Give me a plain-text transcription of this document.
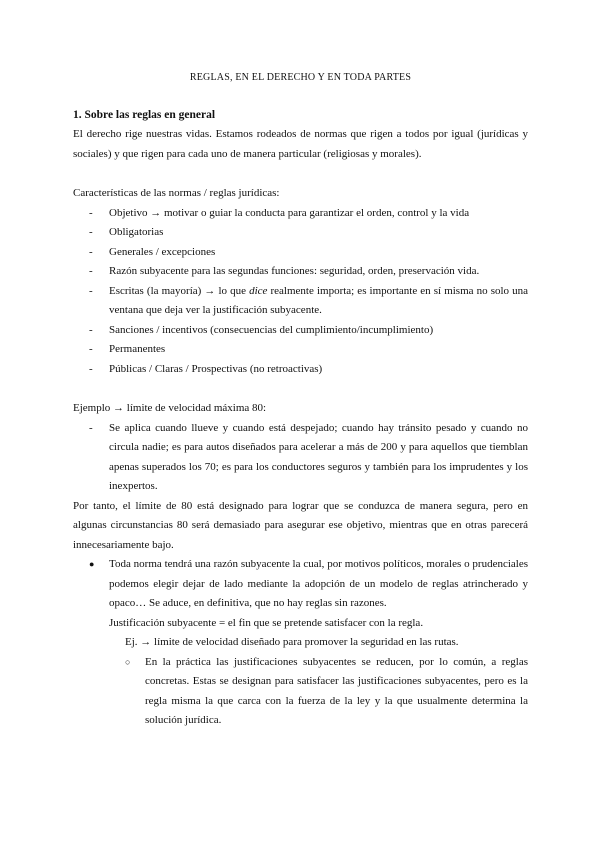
REGLAS, EN EL DERECHO Y EN TODA PARTES
1. Sobre las reglas en general

El derecho rige nuestras vidas. Estamos rodeados de normas que rigen a todos por igual (jurídicas y sociales) y que rigen para cada uno de manera particular (religiosas y morales).

Características de las normas / reglas jurídicas:

- Objetivo → motivar o guiar la conducta para garantizar el orden, control y la vida
- Obligatorias
- Generales / excepciones
- Razón subyacente para las segundas funciones: seguridad, orden, preservación vida.
- Escritas (la mayoría) → lo que dice realmente importa; es importante en sí misma no solo una ventana que deja ver la justificación subyacente.
- Sanciones / incentivos (consecuencias del cumplimiento/incumplimiento)
- Permanentes
- Públicas / Claras / Prospectivas (no retroactivas)

Ejemplo → límite de velocidad máxima 80:

- Se aplica cuando llueve y cuando está despejado; cuando hay tránsito pesado y cuando no circula nadie; es para autos diseñados para acelerar a más de 200 y para aquellos que tiemblan apenas superados los 70; es para los conductores seguros y también para los imprudentes y los inexpertos.

Por tanto, el límite de 80 está designado para lograr que se conduzca de manera segura, pero en algunas circunstancias 80 será demasiado para asegurar ese objetivo, mientras que en otras parecerá innecesariamente bajo.

● Toda norma tendrá una razón subyacente la cual, por motivos políticos, morales o prudenciales podemos elegir dejar de lado mediante la adopción de un modelo de reglas atrincherado y opaco… Se aduce, en definitiva, que no hay reglas sin razones.

Justificación subyacente = el fin que se pretende satisfacer con la regla.

Ej. → límite de velocidad diseñado para promover la seguridad en las rutas.

○ En la práctica las justificaciones subyacentes se reducen, por lo común, a reglas concretas. Estas se designan para satisfacer las justificaciones subyacentes, pero es la regla misma la que carca con la fuerza de la ley y la que usualmente determina la solución jurídica.
